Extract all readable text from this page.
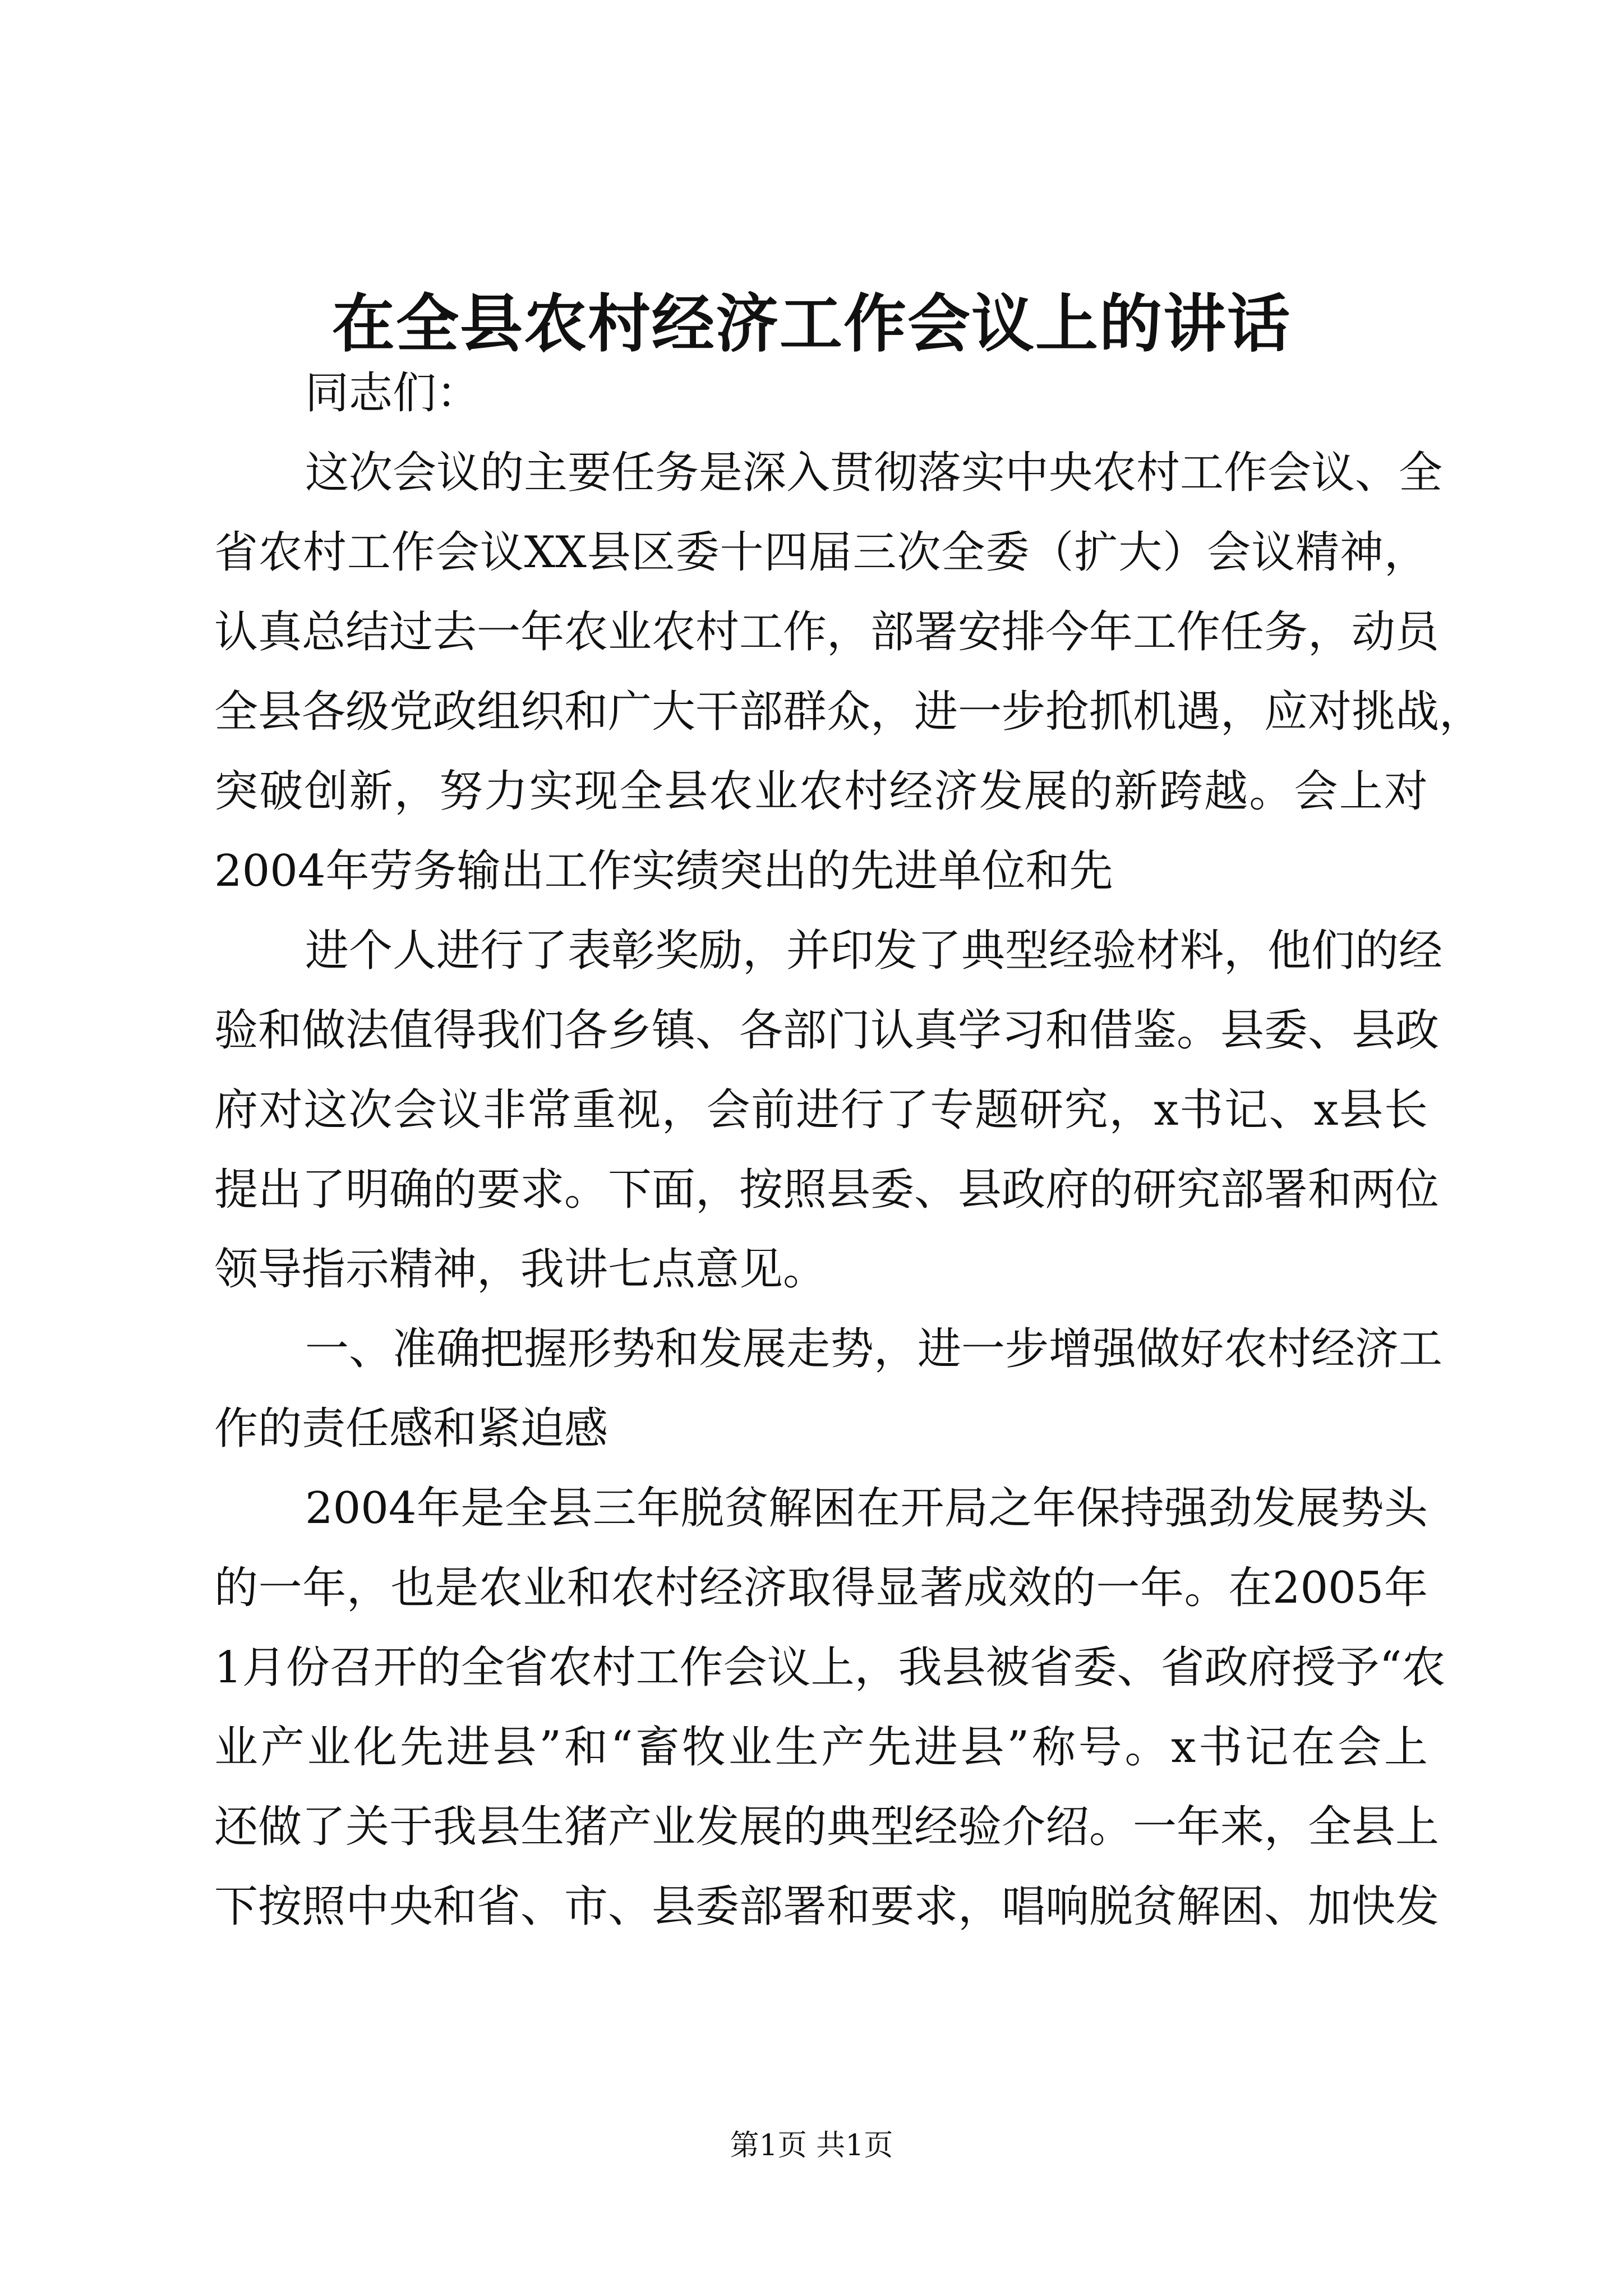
在全县农村经济工作会议上的讲话

同志们：

这次会议的主要任务是深入贯彻落实中央农村工作会议、全

省农村工作会议XX县区委十四届三次全委（扩大）会议精神，

认真总结过去一年农业农村工作，部署安排今年工作任务，动员

全县各级党政组织和广大干部群众，进一步抢抓机遇，应对挑战，

突破创新，努力实现全县农业农村经济发展的新跨越。会上对

2004年劳务输出工作实绩突出的先进单位和先

进个人进行了表彰奖励，并印发了典型经验材料，他们的经

验和做法值得我们各乡镇、各部门认真学习和借鉴。县委、县政

府对这次会议非常重视，会前进行了专题研究，x书记、x县长

提出了明确的要求。下面，按照县委、县政府的研究部署和两位

领导指示精神，我讲七点意见。

一、准确把握形势和发展走势，进一步增强做好农村经济工

作的责任感和紧迫感

2004年是全县三年脱贫解困在开局之年保持强劲发展势头

的一年，也是农业和农村经济取得显著成效的一年。在2005年

1月份召开的全省农村工作会议上，我县被省委、省政府授予“农

业产业化先进县”和“畜牧业生产先进县”称号。x书记在会上

还做了关于我县生猪产业发展的典型经验介绍。一年来，全县上

下按照中央和省、市、县委部署和要求，唱响脱贫解困、加快发

第1页 共1页
